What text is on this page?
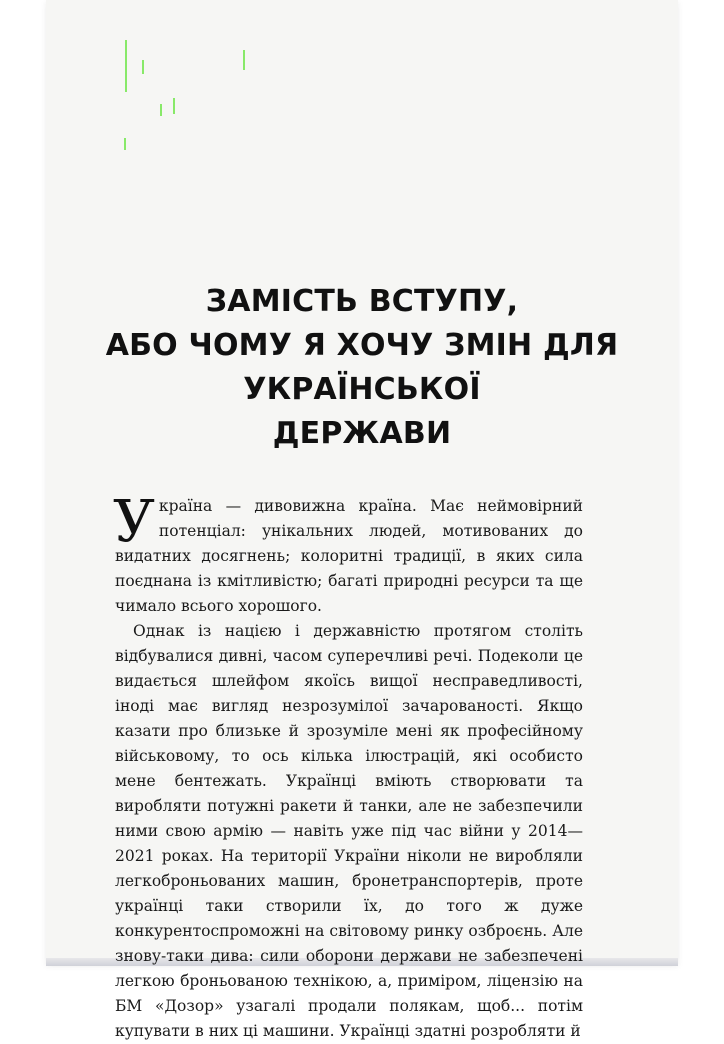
ЗАМІСТЬ ВСТУПУ,
АБО ЧОМУ Я ХОЧУ ЗМІН ДЛЯ
УКРАЇНСЬКОЇ
ДЕРЖАВИ

Україна — дивовижна країна. Має неймовірний потенціал: унікальних людей, мотивованих до видатних досягнень; колоритні традиції, в яких сила поєднана із кмітливістю; багаті природні ресурси та ще чимало всього хорошого.

Однак із нацією і державністю протягом століть відбувалися дивні, часом суперечливі речі. Подеколи це видається шлейфом якоїсь вищої несправедливості, іноді має вигляд незрозумілої зачарованості. Якщо казати про близьке й зрозуміле мені як професійному військовому, то ось кілька ілюстрацій, які особисто мене бентежать. Українці вміють створювати та виробляти потужні ракети й танки, але не забезпечили ними свою армію — навіть уже під час війни у 2014—2021 роках. На території України ніколи не виробляли легкоброньованих машин, бронетранспортерів, проте українці таки створили їх, до того ж дуже конкурентоспроможні на світовому ринку озброєнь. Але знову-таки дива: сили оборони держави не забезпечені легкою броньованою технікою, а, приміром, ліцензію на БМ «Дозор» узагалі продали полякам, щоб... потім купувати в них ці машини. Українці здатні розробляти й
